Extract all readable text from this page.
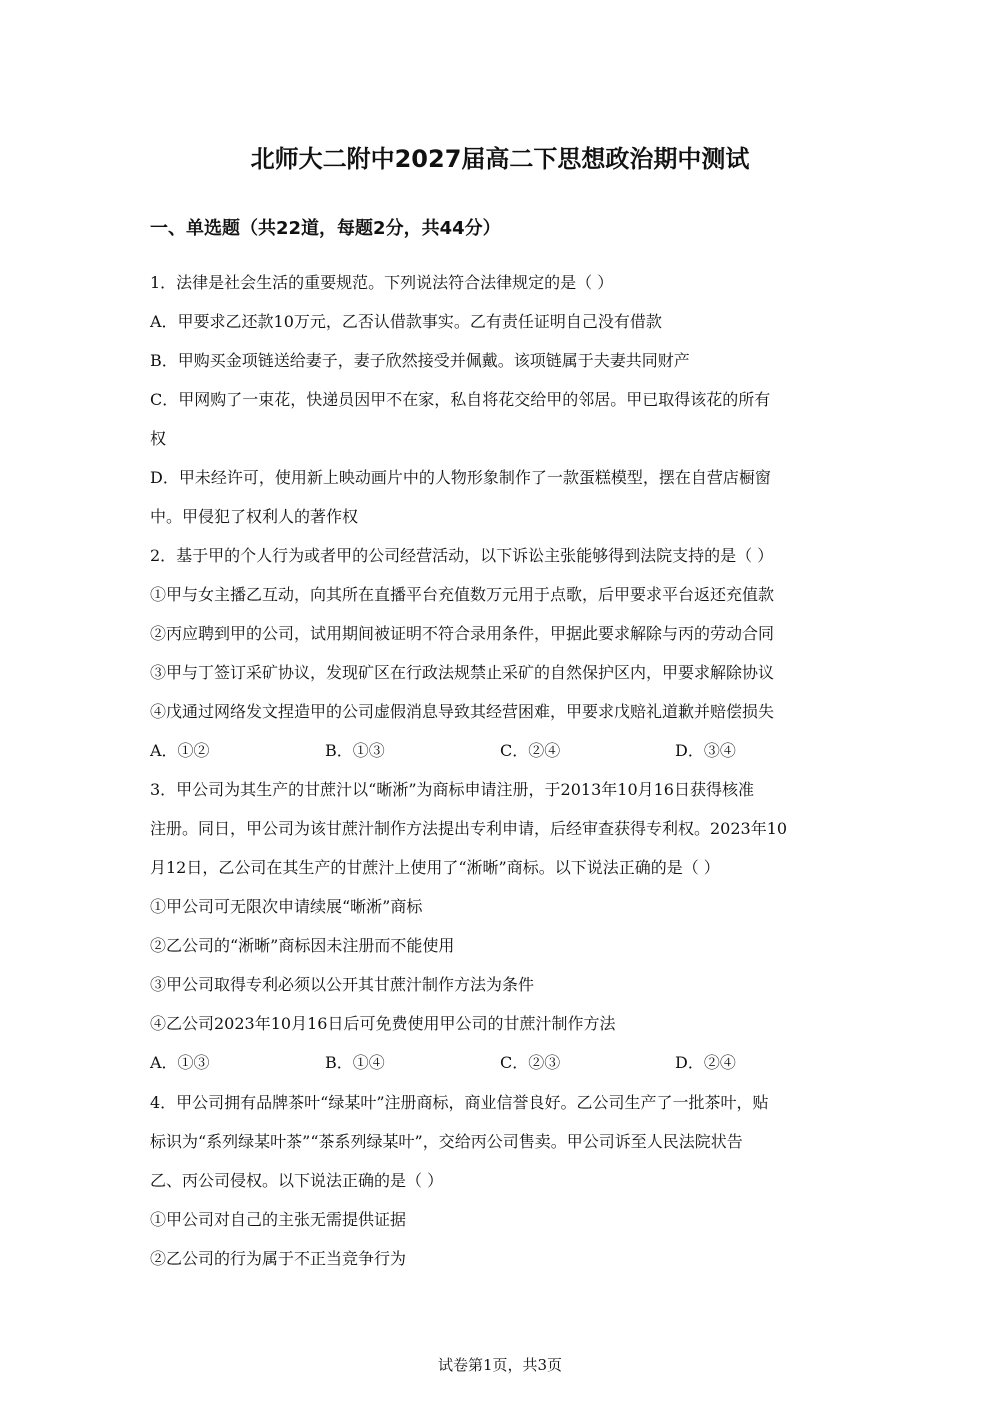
北师大二附中2027届高二下思想政治期中测试
一、单选题（共22道，每题2分，共44分）
1．法律是社会生活的重要规范。下列说法符合法律规定的是（ ）
A．甲要求乙还款10万元，乙否认借款事实。乙有责任证明自己没有借款
B．甲购买金项链送给妻子，妻子欣然接受并佩戴。该项链属于夫妻共同财产
C．甲网购了一束花，快递员因甲不在家，私自将花交给甲的邻居。甲已取得该花的所有
权
D．甲未经许可，使用新上映动画片中的人物形象制作了一款蛋糕模型，摆在自营店橱窗
中。甲侵犯了权利人的著作权
2．基于甲的个人行为或者甲的公司经营活动，以下诉讼主张能够得到法院支持的是（ ）
①甲与女主播乙互动，向其所在直播平台充值数万元用于点歌，后甲要求平台返还充值款
②丙应聘到甲的公司，试用期间被证明不符合录用条件，甲据此要求解除与丙的劳动合同
③甲与丁签订采矿协议，发现矿区在行政法规禁止采矿的自然保护区内，甲要求解除协议
④戊通过网络发文捏造甲的公司虚假消息导致其经营困难，甲要求戊赔礼道歉并赔偿损失
A．①②	B．①③	C．②④	D．③④
3．甲公司为其生产的甘蔗汁以“晰淅”为商标申请注册，于2013年10月16日获得核准
注册。同日，甲公司为该甘蔗汁制作方法提出专利申请，后经审查获得专利权。2023年10
月12日，乙公司在其生产的甘蔗汁上使用了“淅晰”商标。以下说法正确的是（ ）
①甲公司可无限次申请续展“晰淅”商标
②乙公司的“淅晰”商标因未注册而不能使用
③甲公司取得专利必须以公开其甘蔗汁制作方法为条件
④乙公司2023年10月16日后可免费使用甲公司的甘蔗汁制作方法
A．①③	B．①④	C．②③	D．②④
4．甲公司拥有品牌茶叶“绿某叶”注册商标，商业信誉良好。乙公司生产了一批茶叶，贴
标识为“系列绿某叶茶”“茶系列绿某叶”，交给丙公司售卖。甲公司诉至人民法院状告
乙、丙公司侵权。以下说法正确的是（ ）
①甲公司对自己的主张无需提供证据
②乙公司的行为属于不正当竞争行为
试卷第1页，共3页
